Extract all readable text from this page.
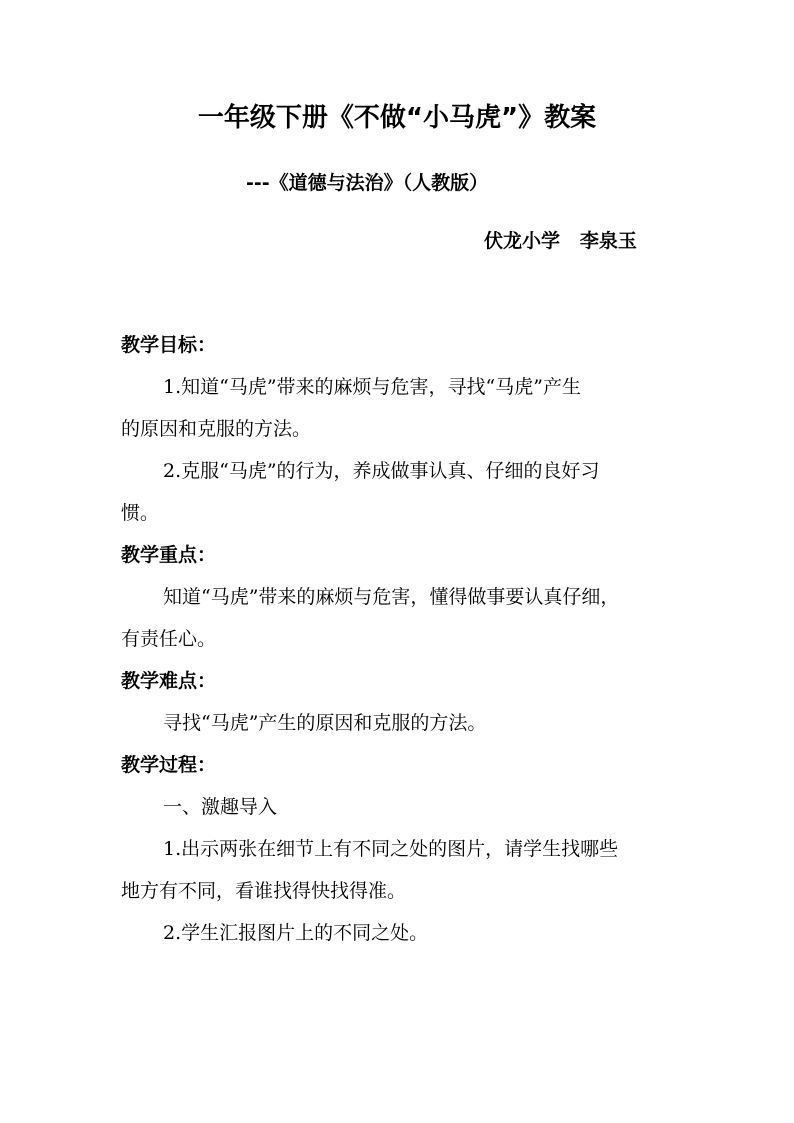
一年级下册《不做“小马虎”》教案
---《道德与法治》（人教版）
伏龙小学   李泉玉
教学目标：
1.知道“马虎”带来的麻烦与危害，寻找“马虎”产生
的原因和克服的方法。
2.克服“马虎”的行为，养成做事认真、仔细的良好习
惯。
教学重点：
知道“马虎”带来的麻烦与危害，懂得做事要认真仔细，
有责任心。
教学难点：
寻找“马虎”产生的原因和克服的方法。
教学过程：
一、激趣导入
1.出示两张在细节上有不同之处的图片，请学生找哪些
地方有不同，看谁找得快找得准。
2.学生汇报图片上的不同之处。
